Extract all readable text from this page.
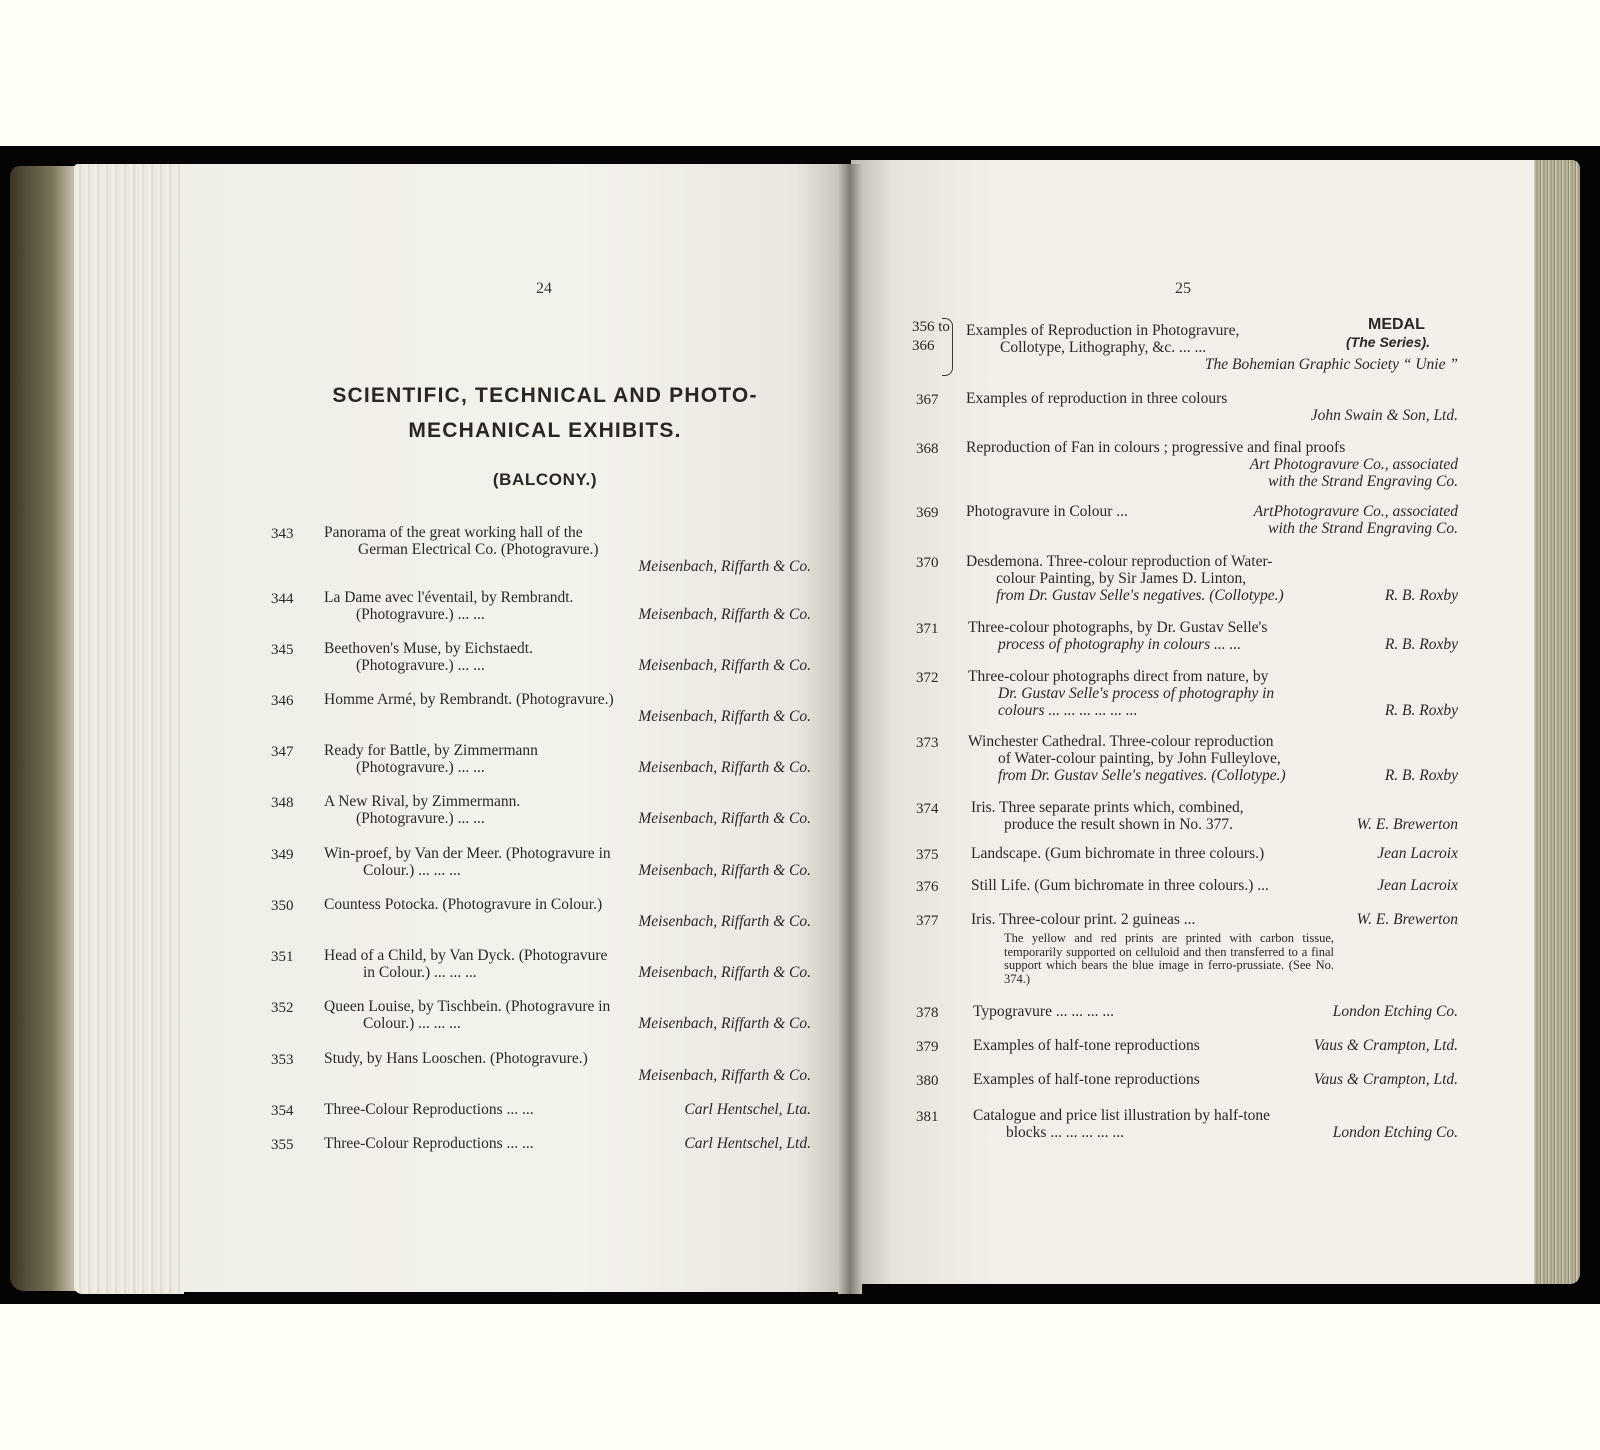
24
SCIENTIFIC, TECHNICAL AND PHOTO-
MECHANICAL EXHIBITS.
(BALCONY.)
343	Panorama of the great working hall of the
German Electrical Co. (Photogravure.)
Meisenbach, Riffarth & Co.
344	La Dame avec l'éventail, by Rembrandt.
(Photogravure.) ... ...	Meisenbach, Riffarth & Co.
345	Beethoven's Muse, by Eichstaedt.
(Photogravure.) ... ...	Meisenbach, Riffarth & Co.
346	Homme Armé, by Rembrandt. (Photogravure.)
Meisenbach, Riffarth & Co.
347	Ready for Battle, by Zimmermann
(Photogravure.) ... ...	Meisenbach, Riffarth & Co.
348	A New Rival, by Zimmermann.
(Photogravure.) ... ...	Meisenbach, Riffarth & Co.
349	Win-proef, by Van der Meer. (Photogravure in
Colour.) ... ... ...	Meisenbach, Riffarth & Co.
350	Countess Potocka. (Photogravure in Colour.)
Meisenbach, Riffarth & Co.
351	Head of a Child, by Van Dyck. (Photogravure
in Colour.) ... ... ...	Meisenbach, Riffarth & Co.
352	Queen Louise, by Tischbein. (Photogravure in
Colour.) ... ... ...	Meisenbach, Riffarth & Co.
353	Study, by Hans Looschen. (Photogravure.)
Meisenbach, Riffarth & Co.
354	Three-Colour Reproductions ... ...	Carl Hentschel, Lta.
355	Three-Colour Reproductions ... ...	Carl Hentschel, Ltd.
25
356 to 366
Examples of Reproduction in Photogravure,
Collotype, Lithography, &c. ... ...
The Bohemian Graphic Society “ Unie ”
MEDAL
(The Series).
367	Examples of reproduction in three colours
John Swain & Son, Ltd.
368	Reproduction of Fan in colours ; progressive and final proofs
Art Photogravure Co., associated
with the Strand Engraving Co.
369	Photogravure in Colour ...	ArtPhotogravure Co., associated
with the Strand Engraving Co.
370	Desdemona. Three-colour reproduction of Water-
colour Painting, by Sir James D. Linton,
from Dr. Gustav Selle's negatives. (Collotype.)	R. B. Roxby
371	Three-colour photographs, by Dr. Gustav Selle's
process of photography in colours ... ...	R. B. Roxby
372	Three-colour photographs direct from nature, by
Dr. Gustav Selle's process of photography in
colours ... ... ... ... ... ...	R. B. Roxby
373	Winchester Cathedral. Three-colour reproduction
of Water-colour painting, by John Fulleylove,
from Dr. Gustav Selle's negatives. (Collotype.)	R. B. Roxby
374	Iris. Three separate prints which, combined,
produce the result shown in No. 377.	W. E. Brewerton
375	Landscape. (Gum bichromate in three colours.)	Jean Lacroix
376	Still Life. (Gum bichromate in three colours.) ...	Jean Lacroix
377	Iris. Three-colour print. 2 guineas ...	W. E. Brewerton
The yellow and red prints are printed with carbon tissue, temporarily supported on celluloid and then transferred to a final support which bears the blue image in ferro-prussiate. (See No. 374.)
378	Typogravure ... ... ... ...	London Etching Co.
379	Examples of half-tone reproductions	Vaus & Crampton, Ltd.
380	Examples of half-tone reproductions	Vaus & Crampton, Ltd.
381	Catalogue and price list illustration by half-tone
blocks ... ... ... ... ...	London Etching Co.
